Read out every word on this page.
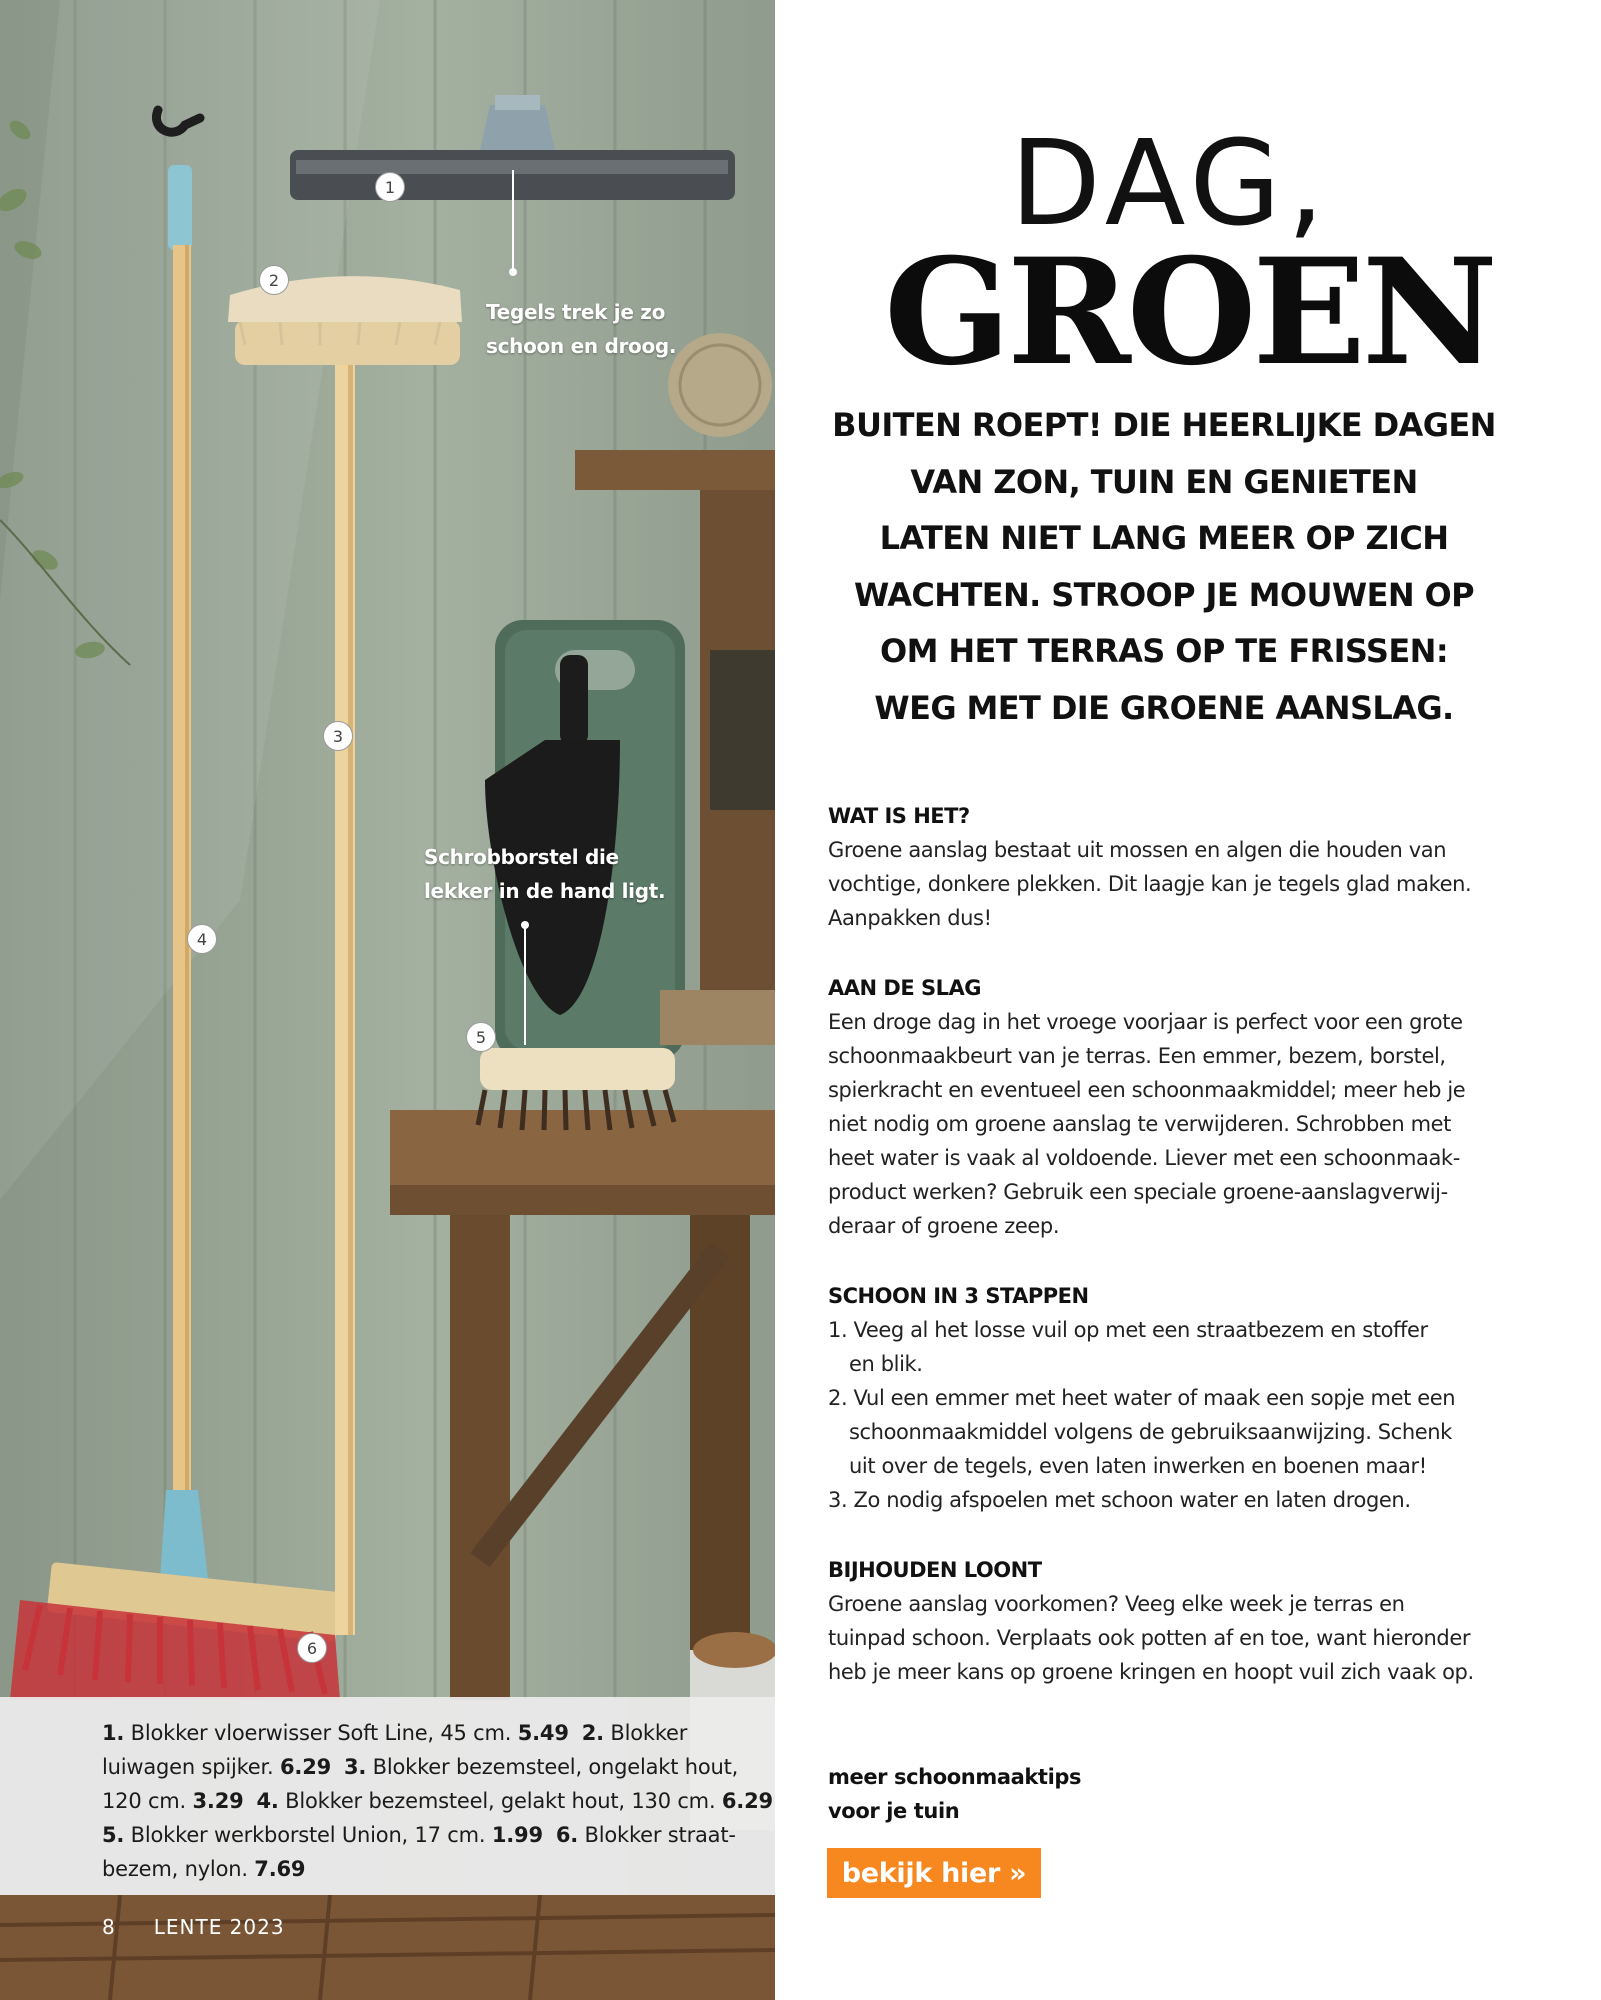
1
2
3
4
5
6
Tegels trek je zo
schoon en droog.
Schrobborstel die
lekker in de hand ligt.
1. Blokker vloerwisser Soft Line, 45 cm. 5.49 2. Blokker
luiwagen spijker. 6.29 3. Blokker bezemsteel, ongelakt hout,
120 cm. 3.29 4. Blokker bezemsteel, gelakt hout, 130 cm. 6.29
5. Blokker werkborstel Union, 17 cm. 1.99 6. Blokker straat-
bezem, nylon. 7.69
8 LENTE 2023
DAG,
GROEN
BUITEN ROEPT! DIE HEERLIJKE DAGEN
VAN ZON, TUIN EN GENIETEN
LATEN NIET LANG MEER OP ZICH
WACHTEN. STROOP JE MOUWEN OP
OM HET TERRAS OP TE FRISSEN:
WEG MET DIE GROENE AANSLAG.
WAT IS HET?
Groene aanslag bestaat uit mossen en algen die houden van
vochtige, donkere plekken. Dit laagje kan je tegels glad maken.
Aanpakken dus!
AAN DE SLAG
Een droge dag in het vroege voorjaar is perfect voor een grote
schoonmaakbeurt van je terras. Een emmer, bezem, borstel,
spierkracht en eventueel een schoonmaakmiddel; meer heb je
niet nodig om groene aanslag te verwijderen. Schrobben met
heet water is vaak al voldoende. Liever met een schoonmaak-
product werken? Gebruik een speciale groene-aanslagverwij-
deraar of groene zeep.
SCHOON IN 3 STAPPEN
1. Veeg al het losse vuil op met een straatbezem en stoffer
en blik.
2. Vul een emmer met heet water of maak een sopje met een
schoonmaakmiddel volgens de gebruiksaanwijzing. Schenk
uit over de tegels, even laten inwerken en boenen maar!
3. Zo nodig afspoelen met schoon water en laten drogen.
BIJHOUDEN LOONT
Groene aanslag voorkomen? Veeg elke week je terras en
tuinpad schoon. Verplaats ook potten af en toe, want hieronder
heb je meer kans op groene kringen en hoopt vuil zich vaak op.
meer schoonmaaktips
voor je tuin
bekijk hier »
